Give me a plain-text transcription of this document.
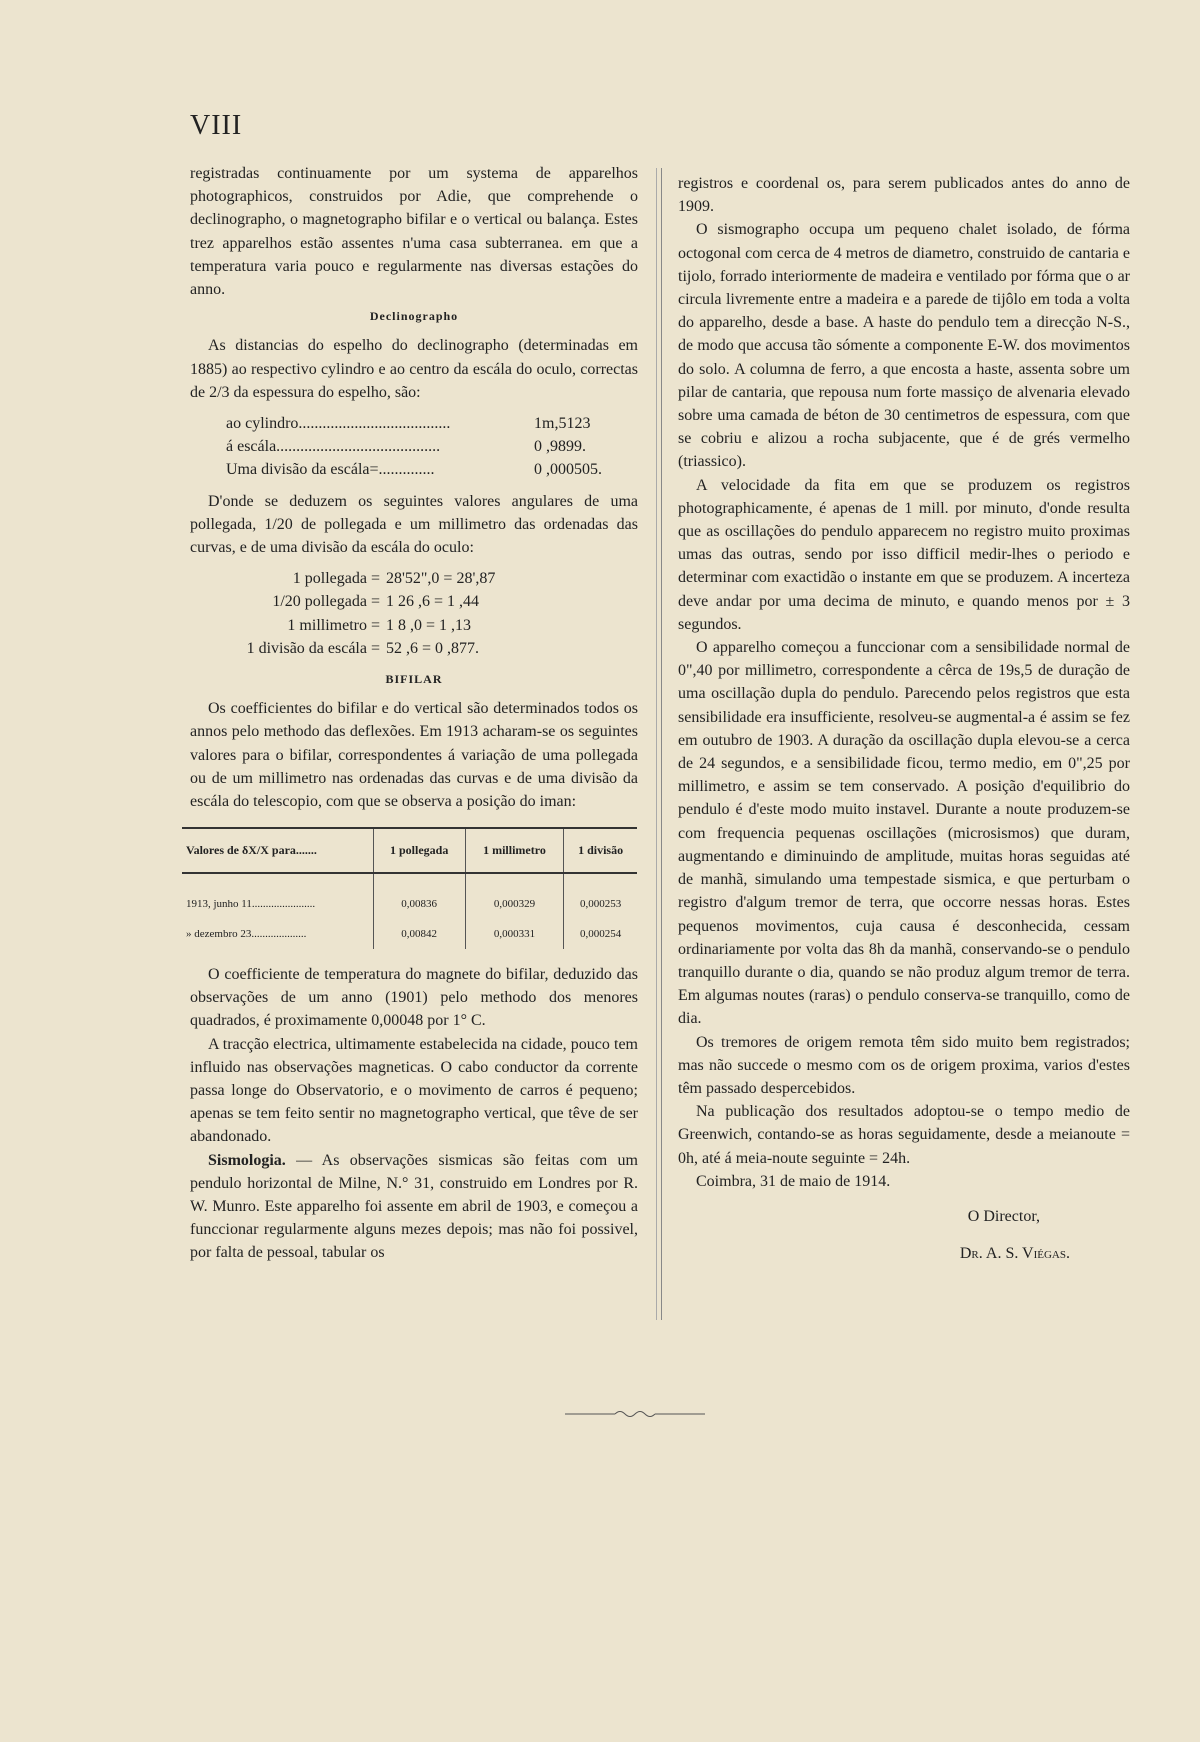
VIII

registradas continuamente por um systema de apparelhos photographicos, construidos por Adie, que comprehende o declinographo, o magnetographo bifilar e o vertical ou balança. Estes trez apparelhos estão assentes n'uma casa subterranea. em que a temperatura varia pouco e regularmente nas diversas estações do anno.

Declinographo

As distancias do espelho do declinographo (determinadas em 1885) ao respectivo cylindro e ao centro da escála do oculo, correctas de 2/3 da espessura do espelho, são:

ao cylindro......................................	1m,5123
á escála.........................................	0 ,9899.
Uma divisão da escála=..............	0 ,000505.

D'onde se deduzem os seguintes valores angulares de uma pollegada, 1/20 de pollegada e um millimetro das ordenadas das curvas, e de uma divisão da escála do oculo:

1 pollegada = 28'52",0 = 28',87
1/20 pollegada = 1 26 ,6 = 1 ,44
1 millimetro = 1 8 ,0 = 1 ,13
1 divisão da escála = 52 ,6 = 0 ,877.
BIFILAR

Os coefficientes do bifilar e do vertical são determinados todos os annos pelo methodo das deflexões. Em 1913 acharam-se os seguintes valores para o bifilar, correspondentes á variação de uma pollegada ou de um millimetro nas ordenadas das curvas e de uma divisão da escála do telescopio, com que se observa a posição do iman:

Valores de δX/X para.......	1 pollegada	1 millimetro	1 divisão

1913, junho 11.......................	0,00836	0,000329	0,000253
» dezembro 23....................	0,00842	0,000331	0,000254

O coefficiente de temperatura do magnete do bifilar, deduzido das observações de um anno (1901) pelo methodo dos menores quadrados, é proximamente 0,00048 por 1° C.

A tracção electrica, ultimamente estabelecida na cidade, pouco tem influido nas observações magneticas. O cabo conductor da corrente passa longe do Observatorio, e o movimento de carros é pequeno; apenas se tem feito sentir no magnetographo vertical, que têve de ser abandonado.

Sismologia. — As observações sismicas são feitas com um pendulo horizontal de Milne, N.° 31, construido em Londres por R. W. Munro. Este apparelho foi assente em abril de 1903, e começou a funccionar regularmente alguns mezes depois; mas não foi possivel, por falta de pessoal, tabular os

registros e coordenal os, para serem publicados antes do anno de 1909.

O sismographo occupa um pequeno chalet isolado, de fórma octogonal com cerca de 4 metros de diametro, construido de cantaria e tijolo, forrado interiormente de madeira e ventilado por fórma que o ar circula livremente entre a madeira e a parede de tijôlo em toda a volta do apparelho, desde a base. A haste do pendulo tem a direcção N-S., de modo que accusa tão sómente a componente E-W. dos movimentos do solo. A columna de ferro, a que encosta a haste, assenta sobre um pilar de cantaria, que repousa num forte massiço de alvenaria elevado sobre uma camada de béton de 30 centimetros de espessura, com que se cobriu e alizou a rocha subjacente, que é de grés vermelho (triassico).

A velocidade da fita em que se produzem os registros photographicamente, é apenas de 1 mill. por minuto, d'onde resulta que as oscillações do pendulo apparecem no registro muito proximas umas das outras, sendo por isso difficil medir-lhes o periodo e determinar com exactidão o instante em que se produzem. A incerteza deve andar por uma decima de minuto, e quando menos por ± 3 segundos.

O apparelho começou a funccionar com a sensibilidade normal de 0",40 por millimetro, correspondente a cêrca de 19s,5 de duração de uma oscillação dupla do pendulo. Parecendo pelos registros que esta sensibilidade era insufficiente, resolveu-se augmental-a é assim se fez em outubro de 1903. A duração da oscillação dupla elevou-se a cerca de 24 segundos, e a sensibilidade ficou, termo medio, em 0",25 por millimetro, e assim se tem conservado. A posição d'equilibrio do pendulo é d'este modo muito instavel. Durante a noute produzem-se com frequencia pequenas oscillações (microsismos) que duram, augmentando e diminuindo de amplitude, muitas horas seguidas até de manhã, simulando uma tempestade sismica, e que perturbam o registro d'algum tremor de terra, que occorre nessas horas. Estes pequenos movimentos, cuja causa é desconhecida, cessam ordinariamente por volta das 8h da manhã, conservando-se o pendulo tranquillo durante o dia, quando se não produz algum tremor de terra. Em algumas noutes (raras) o pendulo conserva-se tranquillo, como de dia.

Os tremores de origem remota têm sido muito bem registrados; mas não succede o mesmo com os de origem proxima, varios d'estes têm passado despercebidos.

Na publicação dos resultados adoptou-se o tempo medio de Greenwich, contando-se as horas seguidamente, desde a meianoute = 0h, até á meia-noute seguinte = 24h.

Coimbra, 31 de maio de 1914.

O Director,

Dr. A. S. Viégas.
